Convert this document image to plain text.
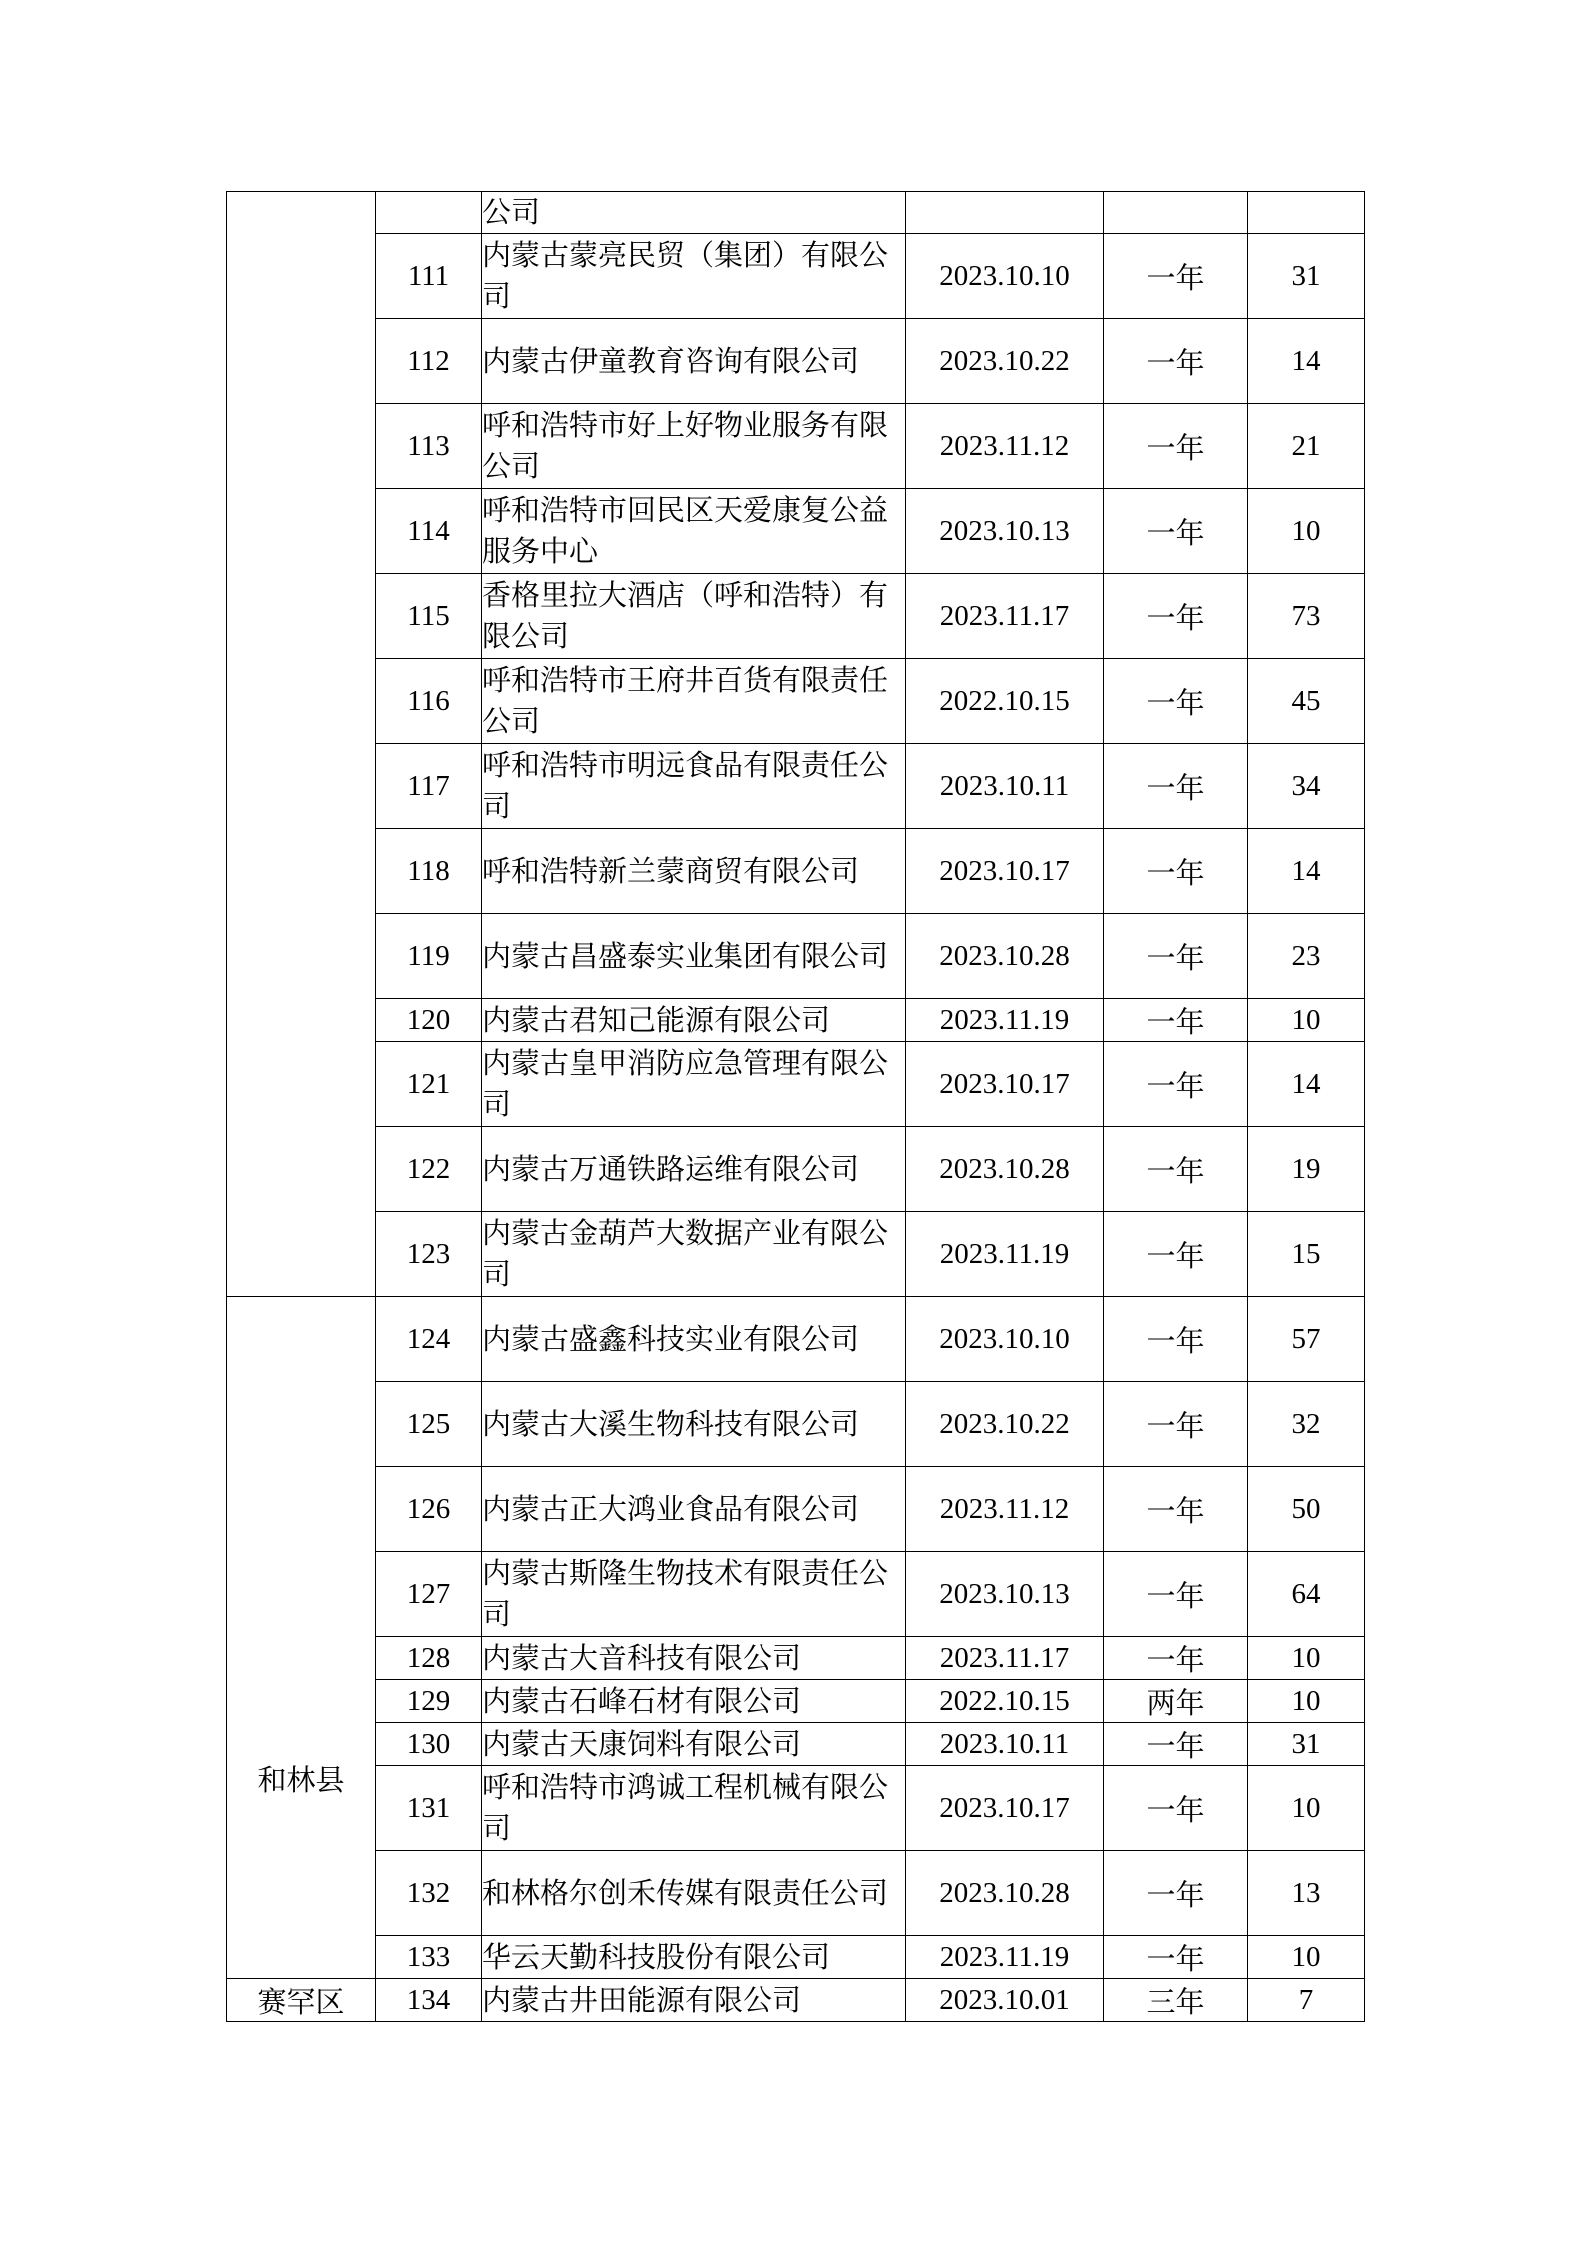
		公司			
	111	内蒙古蒙亮民贸（集团）有限公司	2023.10.10	一年	31
	112	内蒙古伊童教育咨询有限公司	2023.10.22	一年	14
	113	呼和浩特市好上好物业服务有限公司	2023.11.12	一年	21
	114	呼和浩特市回民区天爱康复公益服务中心	2023.10.13	一年	10
	115	香格里拉大酒店（呼和浩特）有限公司	2023.11.17	一年	73
	116	呼和浩特市王府井百货有限责任公司	2022.10.15	一年	45
	117	呼和浩特市明远食品有限责任公司	2023.10.11	一年	34
	118	呼和浩特新兰蒙商贸有限公司	2023.10.17	一年	14
	119	内蒙古昌盛泰实业集团有限公司	2023.10.28	一年	23
	120	内蒙古君知己能源有限公司	2023.11.19	一年	10
	121	内蒙古皇甲消防应急管理有限公司	2023.10.17	一年	14
	122	内蒙古万通铁路运维有限公司	2023.10.28	一年	19
	123	内蒙古金葫芦大数据产业有限公司	2023.11.19	一年	15
和林县	124	内蒙古盛鑫科技实业有限公司	2023.10.10	一年	57
	125	内蒙古大溪生物科技有限公司	2023.10.22	一年	32
	126	内蒙古正大鸿业食品有限公司	2023.11.12	一年	50
	127	内蒙古斯隆生物技术有限责任公司	2023.10.13	一年	64
	128	内蒙古大音科技有限公司	2023.11.17	一年	10
	129	内蒙古石峰石材有限公司	2022.10.15	两年	10
	130	内蒙古天康饲料有限公司	2023.10.11	一年	31
	131	呼和浩特市鸿诚工程机械有限公司	2023.10.17	一年	10
	132	和林格尔创禾传媒有限责任公司	2023.10.28	一年	13
	133	华云天勤科技股份有限公司	2023.11.19	一年	10
赛罕区	134	内蒙古井田能源有限公司	2023.10.01	三年	7
